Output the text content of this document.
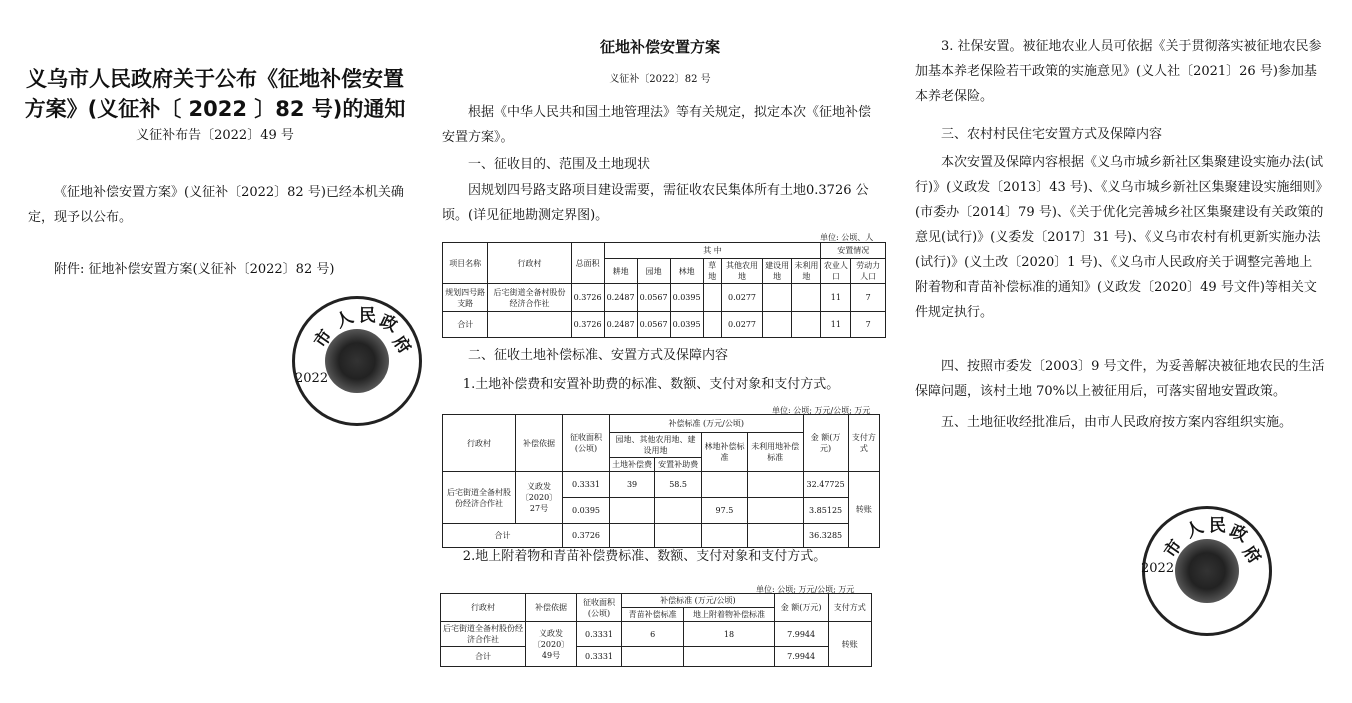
义乌市人民政府关于公布《征地补偿安置
方案》(义征补〔 2022 〕82 号)的通知
义征补布告〔2022〕49 号

《征地补偿安置方案》(义征补〔2022〕82 号)已经本机关确定，现予以公布。

附件: 征地补偿安置方案(义征补〔2022〕82 号)

市
人 民 政
府
2022
征地补偿安置方案
义征补〔2022〕82 号

根据《中华人民共和国土地管理法》等有关规定，拟定本次《征地补偿安置方案》。

一、征收目的、范围及土地现状

因规划四号路支路项目建设需要，需征收农民集体所有土地0.3726 公顷。(详见征地勘测定界图)。

单位: 公顷、人
项目名称	行政村	总面积	其 中							安置情况	
			耕地	园地	林地	草地	其他农用地	建设用地	未利用地	农业人口	劳动力人口
规划四号路支路	后宅街道全备村股份经济合作社	0.3726	0.2487	0.0567	0.0395		0.0277			11	7
合计		0.3726	0.2487	0.0567	0.0395		0.0277			11	7

二、征收土地补偿标准、安置方式及保障内容

1.土地补偿费和安置补助费的标准、数额、支付对象和支付方式。

单位: 公顷; 万元/公顷; 万元
行政村	补偿依据	征收面积(公顷)	补偿标准 (万元/公顷)				金 额(万元)	支付方式
			园地、其他农用地、建设用地		林地补偿标准	未利用地补偿标准		
			土地补偿费	安置补助费				
后宅街道全备村股份经济合作社	义政发〔2020〕27号	0.3331	39	58.5			32.47725	转账
		0.0395			97.5		3.85125	
合计		0.3726					36.3285	

2.地上附着物和青苗补偿费标准、数额、支付对象和支付方式。

单位: 公顷; 万元/公顷; 万元
行政村	补偿依据	征收面积(公顷)	补偿标准 (万元/公顷)		金 额(万元)	支付方式
			青苗补偿标准	地上附着物补偿标准		
后宅街道全备村股份经济合作社	义政发〔2020〕49号	0.3331	6	18	7.9944	转账
合计		0.3331			7.9944	

3. 社保安置。被征地农业人员可依据《关于贯彻落实被征地农民参加基本养老保险若干政策的实施意见》(义人社〔2021〕26 号)参加基本养老保险。

三、农村村民住宅安置方式及保障内容

本次安置及保障内容根据《义乌市城乡新社区集聚建设实施办法(试行)》(义政发〔2013〕43 号)、《义乌市城乡新社区集聚建设实施细则》(市委办〔2014〕79 号)、《关于优化完善城乡社区集聚建设有关政策的意见(试行)》(义委发〔2017〕31 号)、《义乌市农村有机更新实施办法(试行)》(义土改〔2020〕1 号)、《义乌市人民政府关于调整完善地上附着物和青苗补偿标准的通知》(义政发〔2020〕49 号文件)等相关文件规定执行。

四、按照市委发〔2003〕9 号文件，为妥善解决被征地农民的生活保障问题，该村土地 70%以上被征用后，可落实留地安置政策。

五、土地征收经批准后，由市人民政府按方案内容组织实施。

市
人 民 政
府
2022
